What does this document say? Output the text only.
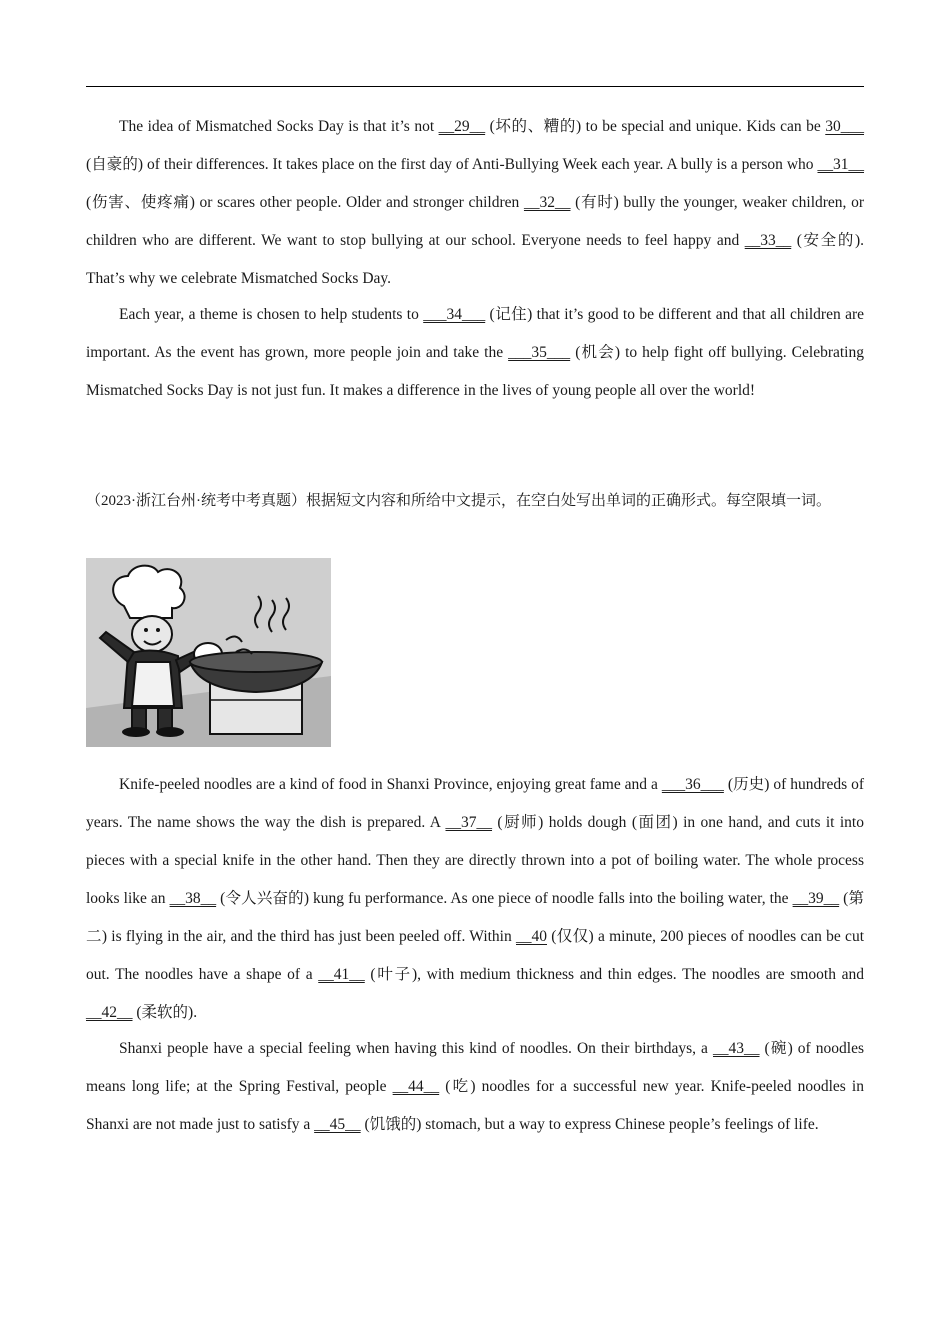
The idea of Mismatched Socks Day is that it’s not __29__ (坏的、糟的) to be special and unique. Kids can be 30___ (自豪的) of their differences. It takes place on the first day of Anti-Bullying Week each year. A bully is a person who __31__ (伤害、使疼痛) or scares other people. Older and stronger children __32__ (有时) bully the younger, weaker children, or children who are different. We want to stop bullying at our school. Everyone needs to feel happy and __33__ (安全的). That’s why we celebrate Mismatched Socks Day.

Each year, a theme is chosen to help students to ___34___ (记住) that it’s good to be different and that all children are important. As the event has grown, more people join and take the ___35___ (机会) to help fight off bullying. Celebrating Mismatched Socks Day is not just fun. It makes a difference in the lives of young people all over the world!

（2023·浙江台州·统考中考真题）根据短文内容和所给中文提示，在空白处写出单词的正确形式。每空限填一词。

Knife-peeled noodles are a kind of food in Shanxi Province, enjoying great fame and a ___36___ (历史) of hundreds of years. The name shows the way the dish is prepared. A __37__ (厨师) holds dough (面团) in one hand, and cuts it into pieces with a special knife in the other hand. Then they are directly thrown into a pot of boiling water. The whole process looks like an __38__ (令人兴奋的) kung fu performance. As one piece of noodle falls into the boiling water, the __39__ (第二) is flying in the air, and the third has just been peeled off. Within __40 (仅仅) a minute, 200 pieces of noodles can be cut out. The noodles have a shape of a __41__ (叶子), with medium thickness and thin edges. The noodles are smooth and __42__ (柔软的).

Shanxi people have a special feeling when having this kind of noodles. On their birthdays, a __43__ (碗) of noodles means long life; at the Spring Festival, people __44__ (吃) noodles for a successful new year. Knife-peeled noodles in Shanxi are not made just to satisfy a __45__ (饥饿的) stomach, but a way to express Chinese people’s feelings of life.
